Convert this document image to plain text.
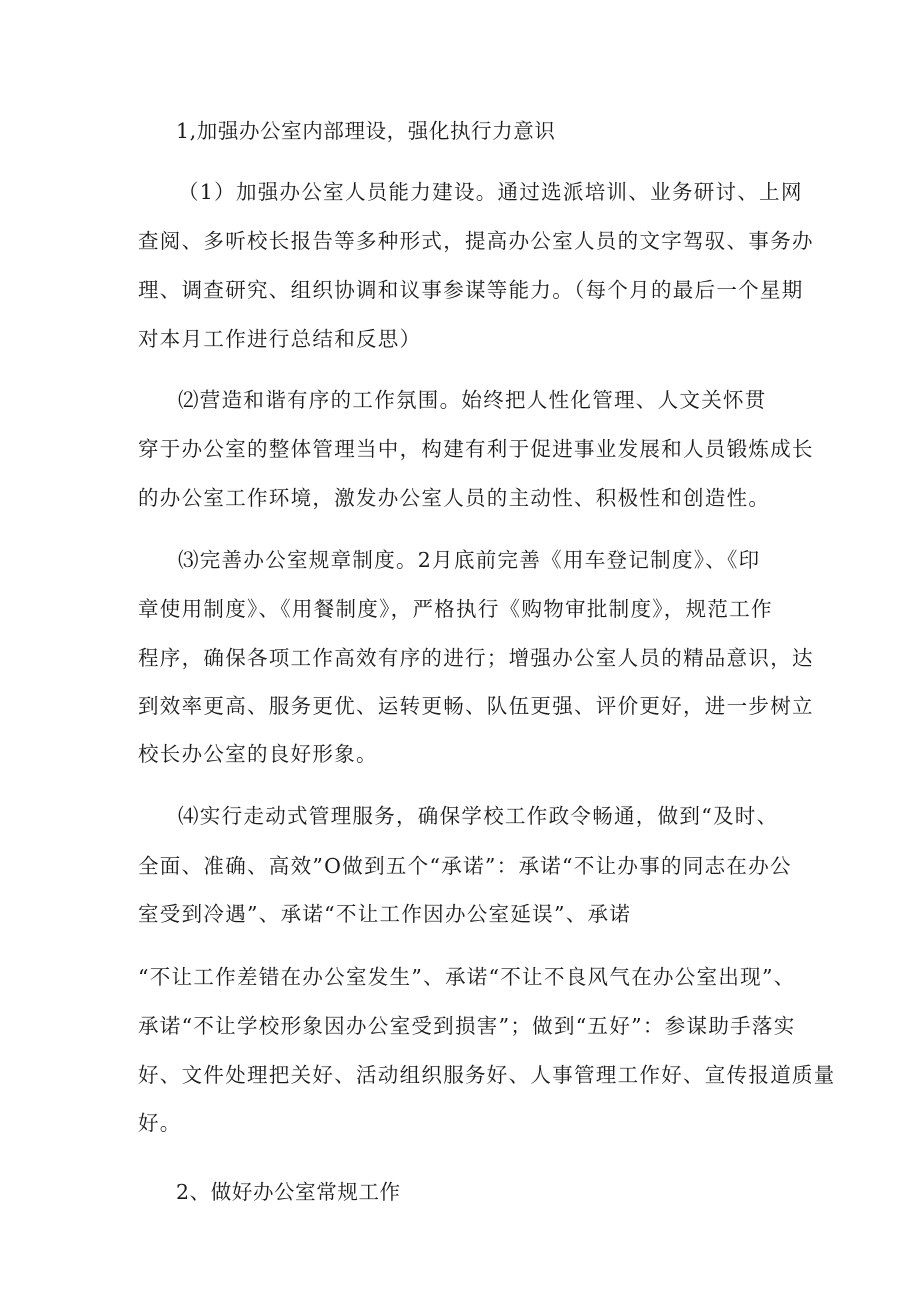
1,加强办公室内部理设，强化执行力意识
（1）加强办公室人员能力建设。通过选派培训、业务研讨、上网
查阅、多听校长报告等多种形式，提高办公室人员的文字驾驭、事务办
理、调查研究、组织协调和议事参谋等能力。（每个月的最后一个星期
对本月工作进行总结和反思）
⑵营造和谐有序的工作氛围。始终把人性化管理、人文关怀贯
穿于办公室的整体管理当中，构建有利于促进事业发展和人员锻炼成长
的办公室工作环境，激发办公室人员的主动性、积极性和创造性。
⑶完善办公室规章制度。2月底前完善《用车登记制度》、《印
章使用制度》、《用餐制度》，严格执行《购物审批制度》，规范工作
程序，确保各项工作高效有序的进行；增强办公室人员的精品意识，达
到效率更高、服务更优、运转更畅、队伍更强、评价更好，进一步树立
校长办公室的良好形象。
⑷实行走动式管理服务，确保学校工作政令畅通，做到“及时、
全面、准确、高效”O做到五个“承诺”：承诺“不让办事的同志在办公
室受到冷遇”、承诺“不让工作因办公室延误”、承诺
“不让工作差错在办公室发生”、承诺“不让不良风气在办公室出现”、
承诺“不让学校形象因办公室受到损害”；做到“五好”：参谋助手落实
好、文件处理把关好、活动组织服务好、人事管理工作好、宣传报道质量
好。
2、做好办公室常规工作
